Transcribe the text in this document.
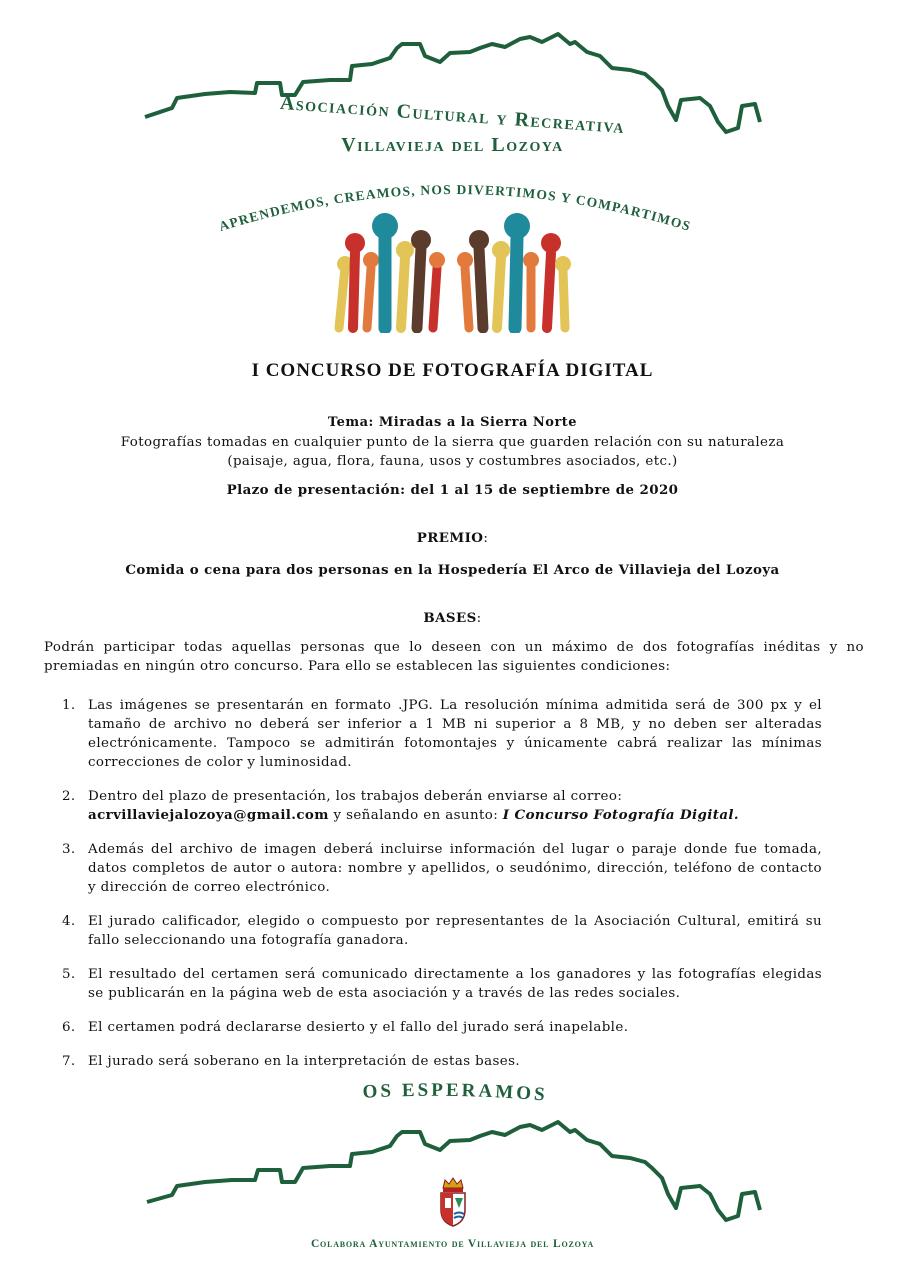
Asociación Cultural y Recreativa
Villavieja del Lozoya
APRENDEMOS, CREAMOS, NOS DIVERTIMOS Y COMPARTIMOS
I CONCURSO DE FOTOGRAFÍA DIGITAL
Tema: Miradas a la Sierra Norte
Fotografías tomadas en cualquier punto de la sierra que guarden relación con su naturaleza
(paisaje, agua, flora, fauna, usos y costumbres asociados, etc.)
Plazo de presentación: del 1 al 15 de septiembre de 2020
PREMIO:
Comida o cena para dos personas en la Hospedería El Arco de Villavieja del Lozoya
BASES:
Podrán participar todas aquellas personas que lo deseen con un máximo de dos fotografías inéditas y no premiadas en ningún otro concurso. Para ello se establecen las siguientes condiciones:
1. Las imágenes se presentarán en formato .JPG. La resolución mínima admitida será de 300 px y el tamaño de archivo no deberá ser inferior a 1 MB ni superior a 8 MB, y no deben ser alteradas electrónicamente. Tampoco se admitirán fotomontajes y únicamente cabrá realizar las mínimas correcciones de color y luminosidad.
2. Dentro del plazo de presentación, los trabajos deberán enviarse al correo:
acrvillaviejalozoya@gmail.com y señalando en asunto: I Concurso Fotografía Digital.
3. Además del archivo de imagen deberá incluirse información del lugar o paraje donde fue tomada, datos completos de autor o autora: nombre y apellidos, o seudónimo, dirección, teléfono de contacto y dirección de correo electrónico.
4. El jurado calificador, elegido o compuesto por representantes de la Asociación Cultural, emitirá su fallo seleccionando una fotografía ganadora.
5. El resultado del certamen será comunicado directamente a los ganadores y las fotografías elegidas se publicarán en la página web de esta asociación y a través de las redes sociales.
6. El certamen podrá declararse desierto y el fallo del jurado será inapelable.
7. El jurado será soberano en la interpretación de estas bases.
OS ESPERAMOS
Colabora Ayuntamiento de Villavieja del Lozoya
